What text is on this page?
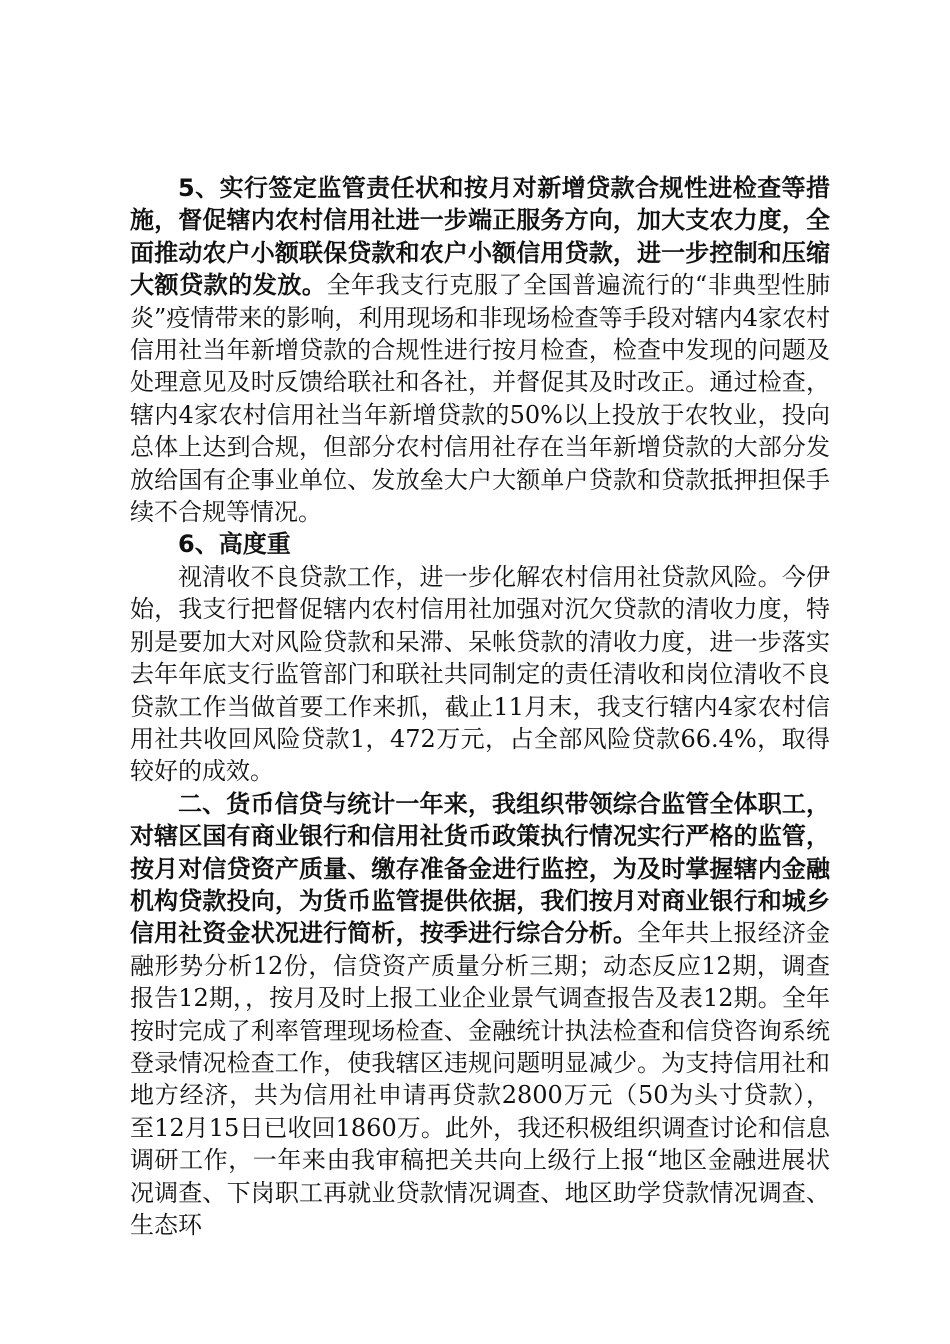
5、实行签定监管责任状和按月对新增贷款合规性进检查等措施，督促辖内农村信用社进一步端正服务方向，加大支农力度，全面推动农户小额联保贷款和农户小额信用贷款，进一步控制和压缩大额贷款的发放。全年我支行克服了全国普遍流行的“非典型性肺炎”疫情带来的影响，利用现场和非现场检查等手段对辖内4家农村信用社当年新增贷款的合规性进行按月检查，检查中发现的问题及处理意见及时反馈给联社和各社，并督促其及时改正。通过检查，辖内4家农村信用社当年新增贷款的50%以上投放于农牧业，投向总体上达到合规，但部分农村信用社存在当年新增贷款的大部分发放给国有企事业单位、发放垒大户大额单户贷款和贷款抵押担保手续不合规等情况。

6、高度重

视清收不良贷款工作，进一步化解农村信用社贷款风险。今伊始，我支行把督促辖内农村信用社加强对沉欠贷款的清收力度，特别是要加大对风险贷款和呆滞、呆帐贷款的清收力度，进一步落实去年年底支行监管部门和联社共同制定的责任清收和岗位清收不良贷款工作当做首要工作来抓，截止11月末，我支行辖内4家农村信用社共收回风险贷款1，472万元，占全部风险贷款66.4%，取得较好的成效。

二、货币信贷与统计一年来，我组织带领综合监管全体职工，对辖区国有商业银行和信用社货币政策执行情况实行严格的监管，按月对信贷资产质量、缴存准备金进行监控，为及时掌握辖内金融机构贷款投向，为货币监管提供依据，我们按月对商业银行和城乡信用社资金状况进行简析，按季进行综合分析。全年共上报经济金融形势分析12份，信贷资产质量分析三期；动态反应12期，调查报告12期，，按月及时上报工业企业景气调查报告及表12期。全年按时完成了利率管理现场检查、金融统计执法检查和信贷咨询系统登录情况检查工作，使我辖区违规问题明显减少。为支持信用社和地方经济，共为信用社申请再贷款2800万元（50为头寸贷款），至12月15日已收回1860万。此外，我还积极组织调查讨论和信息调研工作，一年来由我审稿把关共向上级行上报“地区金融进展状况调查、下岗职工再就业贷款情况调查、地区助学贷款情况调查、生态环
